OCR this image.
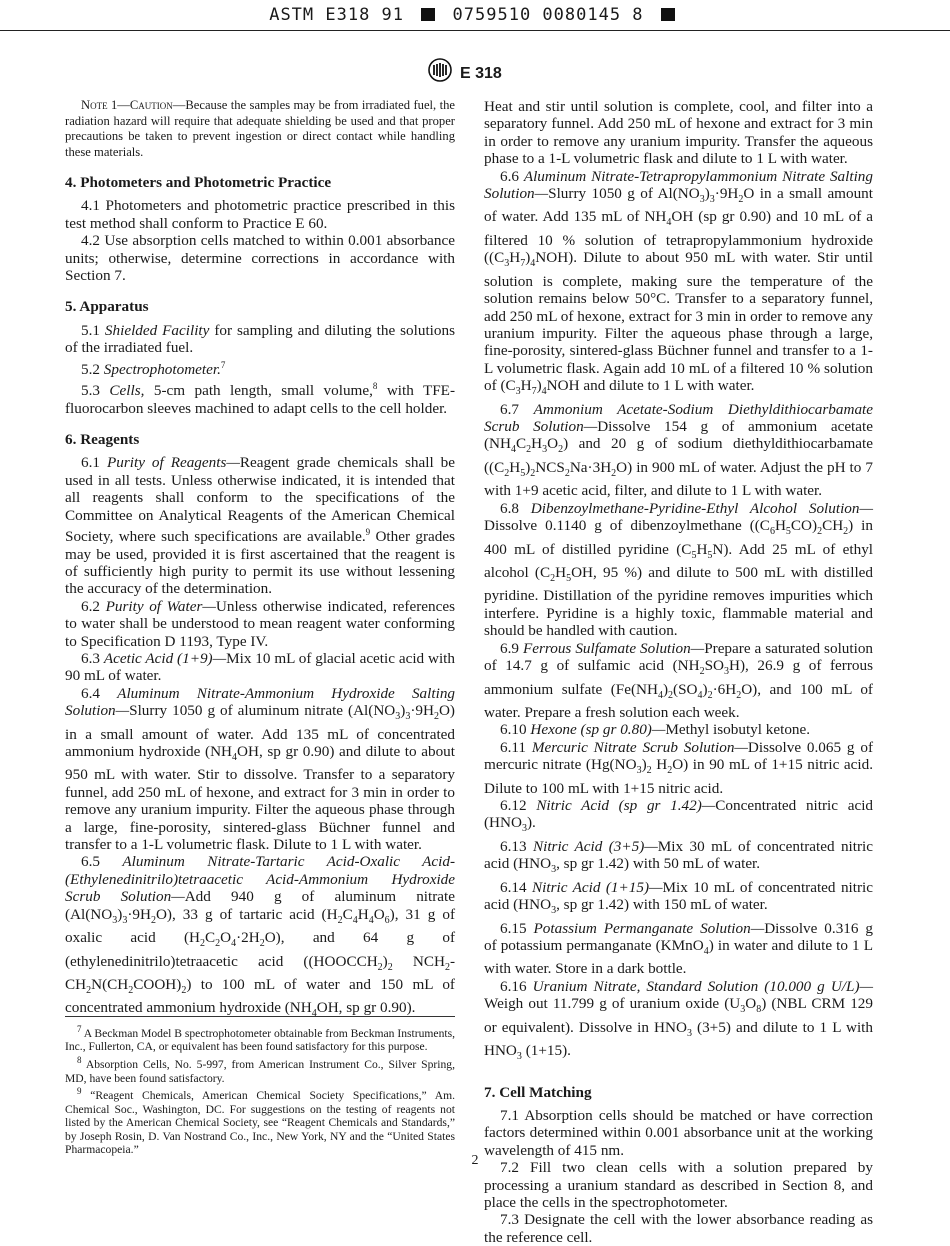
ASTM E318 91	0759510 0080145 8
E 318

Note 1—Caution—Because the samples may be from irradiated fuel, the radiation hazard will require that adequate shielding be used and that proper precautions be taken to prevent ingestion or direct contact while handling these materials.

4. Photometers and Photometric Practice

4.1 Photometers and photometric practice prescribed in this test method shall conform to Practice E 60.

4.2 Use absorption cells matched to within 0.001 absorbance units; otherwise, determine corrections in accordance with Section 7.

5. Apparatus

5.1 Shielded Facility for sampling and diluting the solutions of the irradiated fuel.

5.2 Spectrophotometer.$^7$

5.3 Cells, 5-cm path length, small volume,$^8$ with TFE-fluorocarbon sleeves machined to adapt cells to the cell holder.

6. Reagents

6.1 Purity of Reagents—Reagent grade chemicals shall be used in all tests. Unless otherwise indicated, it is intended that all reagents shall conform to the specifications of the Committee on Analytical Reagents of the American Chemical Society, where such specifications are available.$^9$ Other grades may be used, provided it is first ascertained that the reagent is of sufficiently high purity to permit its use without lessening the accuracy of the determination.

6.2 Purity of Water—Unless otherwise indicated, references to water shall be understood to mean reagent water conforming to Specification D 1193, Type IV.

6.3 Acetic Acid (1+9)—Mix 10 mL of glacial acetic acid with 90 mL of water.

6.4 Aluminum Nitrate-Ammonium Hydroxide Salting Solution—Slurry 1050 g of aluminum nitrate $(Al(NO_3)_3\cdot 9H_2O)$ in a small amount of water. Add 135 mL of concentrated ammonium hydroxide ($NH_4OH$, sp gr 0.90) and dilute to about 950 mL with water. Stir to dissolve. Transfer to a separatory funnel, add 250 mL of hexone, and extract for 3 min in order to remove any uranium impurity. Filter the aqueous phase through a large, fine-porosity, sintered-glass Büchner funnel and transfer to a 1-L volumetric flask. Dilute to 1 L with water.

6.5 Aluminum Nitrate-Tartaric Acid-Oxalic Acid-(Ethylenedinitrilo)tetraacetic Acid-Ammonium Hydroxide Scrub Solution—Add 940 g of aluminum nitrate $(Al(NO_3)_3\cdot 9H_2O)$, 33 g of tartaric acid $(H_2C_4H_4O_6)$, 31 g of oxalic acid $(H_2C_2O_4\cdot 2H_2O)$, and 64 g of (ethylenedinitrilo)tetraacetic acid ($(HOOCCH_2)_2$ $NCH_2-CH_2N(CH_2COOH)_2$) to 100 mL of water and 150 mL of concentrated ammonium hydroxide ($NH_4OH$, sp gr 0.90).

$^7$ A Beckman Model B spectrophotometer obtainable from Beckman Instruments, Inc., Fullerton, CA, or equivalent has been found satisfactory for this purpose.

$^8$ Absorption Cells, No. 5-997, from American Instrument Co., Silver Spring, MD, have been found satisfactory.

$^9$ “Reagent Chemicals, American Chemical Society Specifications,” Am. Chemical Soc., Washington, DC. For suggestions on the testing of reagents not listed by the American Chemical Society, see “Reagent Chemicals and Standards,” by Joseph Rosin, D. Van Nostrand Co., Inc., New York, NY and the “United States Pharmacopeia.”

Heat and stir until solution is complete, cool, and filter into a separatory funnel. Add 250 mL of hexone and extract for 3 min in order to remove any uranium impurity. Transfer the aqueous phase to a 1-L volumetric flask and dilute to 1 L with water.

6.6 Aluminum Nitrate-Tetrapropylammonium Nitrate Salting Solution—Slurry 1050 g of $Al(NO_3)_3\cdot 9H_2O$ in a small amount of water. Add 135 mL of $NH_4OH$ (sp gr 0.90) and 10 mL of a filtered 10 % solution of tetrapropylammonium hydroxide $((C_3H_7)_4NOH)$. Dilute to about 950 mL with water. Stir until solution is complete, making sure the temperature of the solution remains below 50°C. Transfer to a separatory funnel, add 250 mL of hexone, extract for 3 min in order to remove any uranium impurity. Filter the aqueous phase through a large, fine-porosity, sintered-glass Büchner funnel and transfer to a 1-L volumetric flask. Again add 10 mL of a filtered 10 % solution of $(C_3H_7)_4NOH$ and dilute to 1 L with water.

6.7 Ammonium Acetate-Sodium Diethyldithiocarbamate Scrub Solution—Dissolve 154 g of ammonium acetate $(NH_4C_2H_3O_2)$ and 20 g of sodium diethyldithiocarbamate $((C_2H_5)_2NCS_2Na\cdot 3H_2O)$ in 900 mL of water. Adjust the pH to 7 with 1+9 acetic acid, filter, and dilute to 1 L with water.

6.8 Dibenzoylmethane-Pyridine-Ethyl Alcohol Solution—Dissolve 0.1140 g of dibenzoylmethane $((C_6H_5CO)_2CH_2)$ in 400 mL of distilled pyridine $(C_5H_5N)$. Add 25 mL of ethyl alcohol ($C_2H_5OH$, 95 %) and dilute to 500 mL with distilled pyridine. Distillation of the pyridine removes impurities which interfere. Pyridine is a highly toxic, flammable material and should be handled with caution.

6.9 Ferrous Sulfamate Solution—Prepare a saturated solution of 14.7 g of sulfamic acid $(NH_2SO_3H)$, 26.9 g of ferrous ammonium sulfate $(Fe(NH_4)_2(SO_4)_2\cdot 6H_2O)$, and 100 mL of water. Prepare a fresh solution each week.

6.10 Hexone (sp gr 0.80)—Methyl isobutyl ketone.

6.11 Mercuric Nitrate Scrub Solution—Dissolve 0.065 g of mercuric nitrate ($Hg(NO_3)_2$ $H_2O$) in 90 mL of 1+15 nitric acid. Dilute to 100 mL with 1+15 nitric acid.

6.12 Nitric Acid (sp gr 1.42)—Concentrated nitric acid $(HNO_3)$.

6.13 Nitric Acid (3+5)—Mix 30 mL of concentrated nitric acid ($HNO_3$, sp gr 1.42) with 50 mL of water.

6.14 Nitric Acid (1+15)—Mix 10 mL of concentrated nitric acid ($HNO_3$, sp gr 1.42) with 150 mL of water.

6.15 Potassium Permanganate Solution—Dissolve 0.316 g of potassium permanganate (KMnO$_4$) in water and dilute to 1 L with water. Store in a dark bottle.

6.16 Uranium Nitrate, Standard Solution (10.000 g U/L)—Weigh out 11.799 g of uranium oxide $(U_3O_8)$ (NBL CRM 129 or equivalent). Dissolve in $HNO_3$ (3+5) and dilute to 1 L with $HNO_3$ (1+15).

7. Cell Matching

7.1 Absorption cells should be matched or have correction factors determined within 0.001 absorbance unit at the working wavelength of 415 nm.

7.2 Fill two clean cells with a solution prepared by processing a uranium standard as described in Section 8, and place the cells in the spectrophotometer.

7.3 Designate the cell with the lower absorbance reading as the reference cell.

2
